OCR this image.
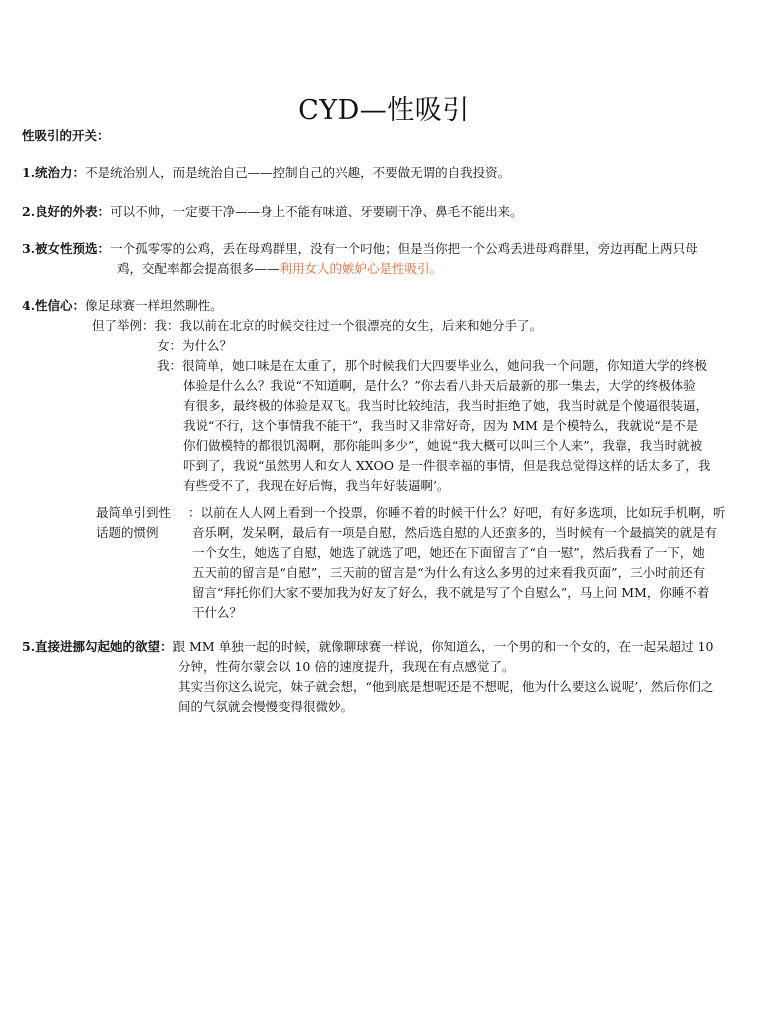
CYD—性吸引
性吸引的开关：
1.统治力：不是统治别人，而是统治自己——控制自己的兴趣，不要做无谓的自我投资。
2.良好的外表：可以不帅，一定要干净——身上不能有味道、牙要刷干净、鼻毛不能出来。
3.被女性预选：一个孤零零的公鸡，丢在母鸡群里，没有一个叼他；但是当你把一个公鸡丢进母鸡群里，旁边再配上两只母
鸡，交配率都会提高很多——利用女人的嫉妒心是性吸引。
4.性信心：像足球赛一样坦然聊性。
但了举例：我：我以前在北京的时候交往过一个很漂亮的女生，后来和她分手了。
女：为什么？
我：很简单，她口味是在太重了，那个时候我们大四要毕业么，她问我一个问题，你知道大学的终极
体验是什么么？我说“不知道啊，是什么？”你去看八卦天后最新的那一集去，大学的终极体验
有很多，最终极的体验是双飞。我当时比较纯洁，我当时拒绝了她，我当时就是个傻逼很装逼，
我说“不行，这个事情我不能干”，我当时又非常好奇，因为 MM 是个模特么，我就说“是不是
你们做模特的都很饥渴啊，那你能叫多少”，她说“我大概可以叫三个人来”，我靠，我当时就被
吓到了，我说“虽然男人和女人 XXOO 是一件很幸福的事情，但是我总觉得这样的话太多了，我
有些受不了，我现在好后悔，我当年好装逼啊’。
最简单引到性
话题的惯例
：以前在人人网上看到一个投票，你睡不着的时候干什么？好吧，有好多选项，比如玩手机啊，听
音乐啊，发呆啊，最后有一项是自慰，然后选自慰的人还蛮多的，当时候有一个最搞笑的就是有
一个女生，她选了自慰，她选了就选了吧，她还在下面留言了“自一慰”，然后我看了一下，她
五天前的留言是“自慰”，三天前的留言是“为什么有这么多男的过来看我页面”，三小时前还有
留言“拜托你们大家不要加我为好友了好么，我不就是写了个自慰么”，马上问 MM，你睡不着
干什么？
5.直接进挪勾起她的欲望：跟 MM 单独一起的时候，就像聊球赛一样说，你知道么，一个男的和一个女的，在一起呆超过 10
分钟，性荷尔蒙会以 10 倍的速度提升，我现在有点感觉了。
其实当你这么说完，妹子就会想，“他到底是想呢还是不想呢，他为什么要这么说呢’，然后你们之
间的气氛就会慢慢变得很微妙。
